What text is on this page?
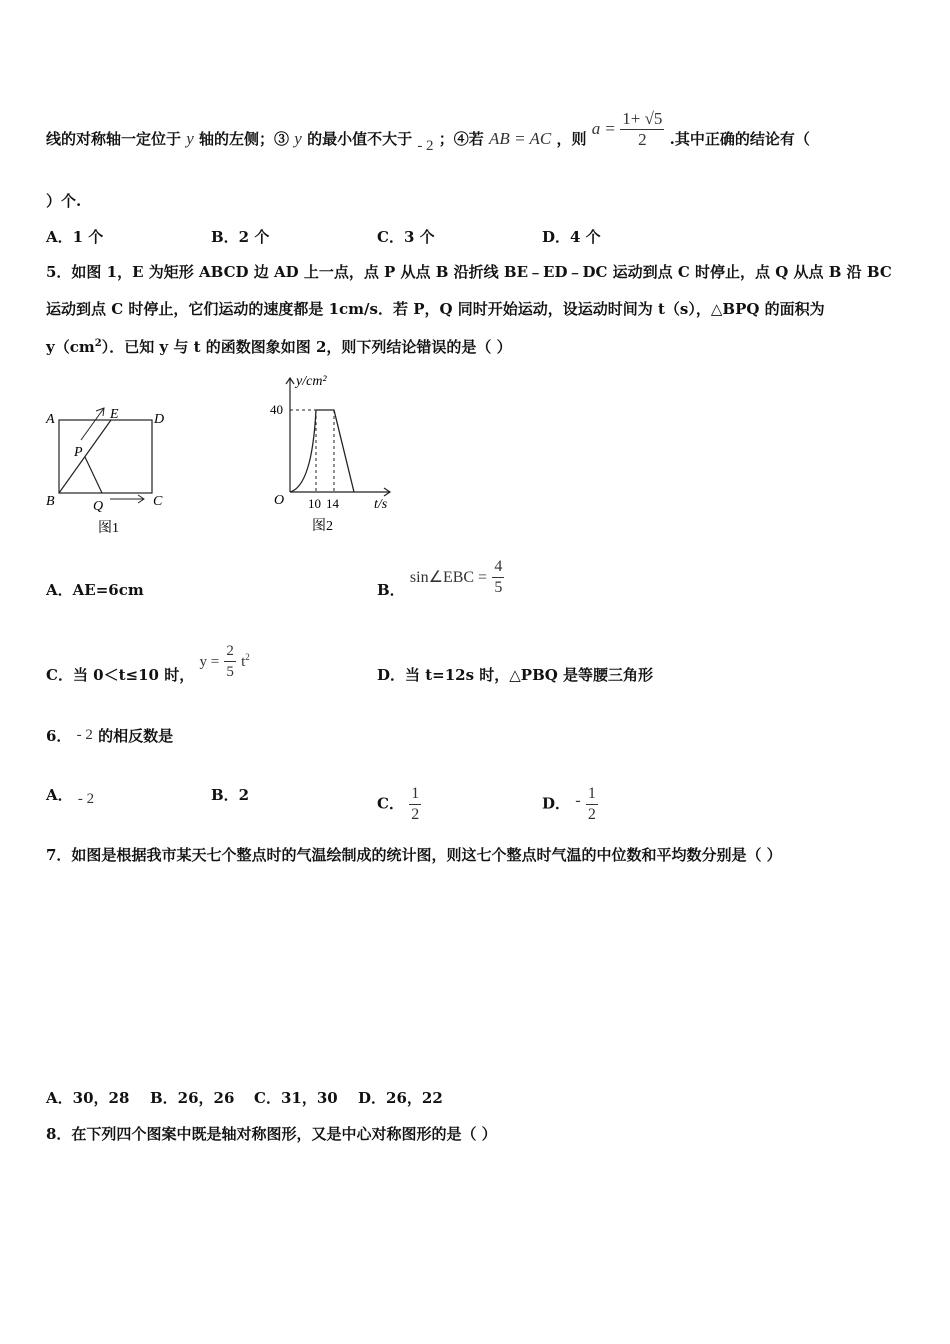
线的对称轴一定位于 y 轴的左侧；③ y 的最小值不大于 - 2 ；④若 AB = AC ，则 $a = \frac{1+ √5}{2}$ .其中正确的结论有（
）个.
A．1 个	B．2 个	C．3 个	D．4 个
5．如图 1，E 为矩形 ABCD 边 AD 上一点，点 P 从点 B 沿折线 BE﹣ED﹣DC 运动到点 C 时停止，点 Q 从点 B 沿 BC
运动到点 C 时停止，它们运动的速度都是 1cm/s．若 P，Q 同时开始运动，设运动时间为 t（s），△BPQ 的面积为
$y(cm^2)$．已知 y 与 t 的函数图象如图 2，则下列结论错误的是（ ）
A	E	D
P
B	Q	C
图1
y/cm²
40
O 10 14	t/s
图2
A．AE=6cm	B． sin∠EBC = $\frac{4}{5}$
C．当 0＜t≤10 时， $y = \frac{2}{5} t^2$
D．当 t=12s 时，△PBQ 是等腰三角形
6． - 2 的相反数是
A． - 2	B．2	C． $\frac{1}{2}$	D． - $\frac{1}{2}$
7．如图是根据我市某天七个整点时的气温绘制成的统计图，则这七个整点时气温的中位数和平均数分别是（ ）
A．30，28 B．26，26 C．31，30 D．26，22
8．在下列四个图案中既是轴对称图形，又是中心对称图形的是（ ）
